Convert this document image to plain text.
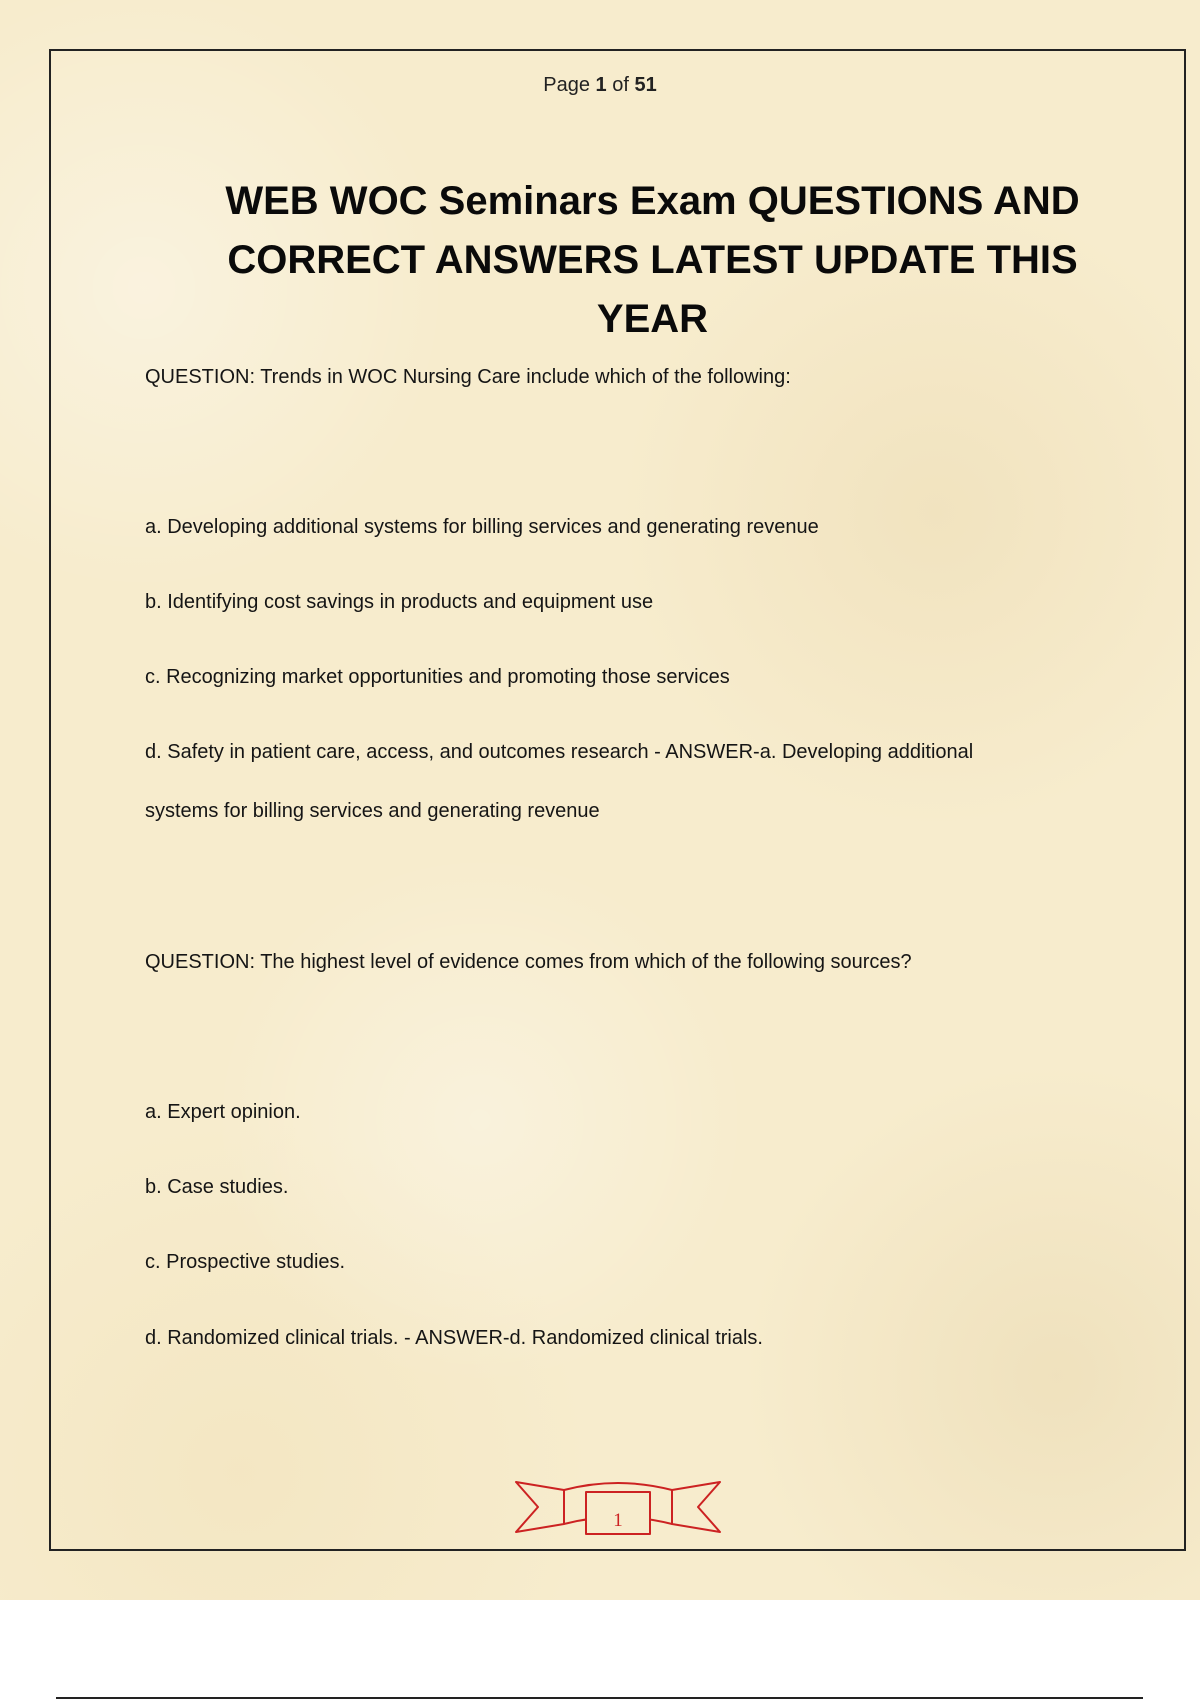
Page 1 of 51
WEB WOC Seminars Exam QUESTIONS AND CORRECT ANSWERS LATEST UPDATE THIS YEAR
QUESTION: Trends in WOC Nursing Care include which of the following:
a. Developing additional systems for billing services and generating revenue
b. Identifying cost savings in products and equipment use
c. Recognizing market opportunities and promoting those services
d. Safety in patient care, access, and outcomes research - ANSWER-a. Developing additional
systems for billing services and generating revenue
QUESTION: The highest level of evidence comes from which of the following sources?
a. Expert opinion.
b. Case studies.
c. Prospective studies.
d. Randomized clinical trials. - ANSWER-d. Randomized clinical trials.
1
